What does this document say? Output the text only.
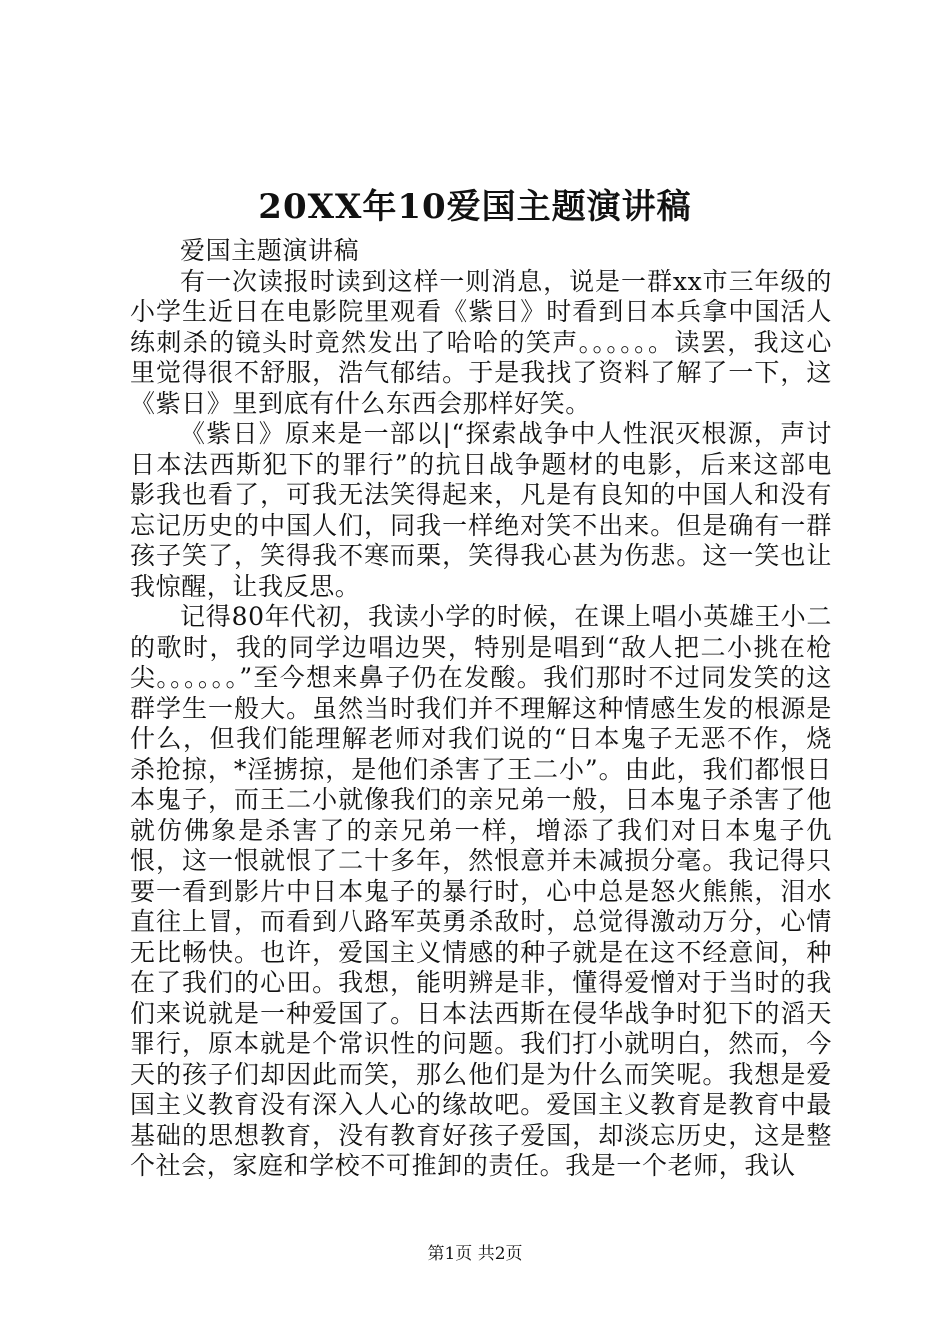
20XX年10爱国主题演讲稿

爱国主题演讲稿

有一次读报时读到这样一则消息，说是一群xx市三年级的小学生近日在电影院里观看《紫日》时看到日本兵拿中国活人练刺杀的镜头时竟然发出了哈哈的笑声。。。。。。读罢，我这心里觉得很不舒服，浩气郁结。于是我找了资料了解了一下，这《紫日》里到底有什么东西会那样好笑。

《紫日》原来是一部以|“探索战争中人性泯灭根源，声讨日本法西斯犯下的罪行”的抗日战争题材的电影，后来这部电影我也看了，可我无法笑得起来，凡是有良知的中国人和没有忘记历史的中国人们，同我一样绝对笑不出来。但是确有一群孩子笑了，笑得我不寒而栗，笑得我心甚为伤悲。这一笑也让我惊醒，让我反思。

记得80年代初，我读小学的时候，在课上唱小英雄王小二的歌时，我的同学边唱边哭，特别是唱到“敌人把二小挑在枪尖。。。。。。”至今想来鼻子仍在发酸。我们那时不过同发笑的这群学生一般大。虽然当时我们并不理解这种情感生发的根源是什么，但我们能理解老师对我们说的“日本鬼子无恶不作，烧杀抢掠，*淫掳掠，是他们杀害了王二小”。由此，我们都恨日本鬼子，而王二小就像我们的亲兄弟一般，日本鬼子杀害了他就仿佛象是杀害了的亲兄弟一样，增添了我们对日本鬼子仇恨，这一恨就恨了二十多年，然恨意并未减损分毫。我记得只要一看到影片中日本鬼子的暴行时，心中总是怒火熊熊，泪水直往上冒，而看到八路军英勇杀敌时，总觉得激动万分，心情无比畅快。也许，爱国主义情感的种子就是在这不经意间，种在了我们的心田。我想，能明辨是非，懂得爱憎对于当时的我们来说就是一种爱国了。日本法西斯在侵华战争时犯下的滔天罪行，原本就是个常识性的问题。我们打小就明白，然而，今天的孩子们却因此而笑，那么他们是为什么而笑呢。我想是爱国主义教育没有深入人心的缘故吧。爱国主义教育是教育中最基础的思想教育，没有教育好孩子爱国，却淡忘历史，这是整个社会，家庭和学校不可推卸的责任。我是一个老师，我认

第1页 共2页
